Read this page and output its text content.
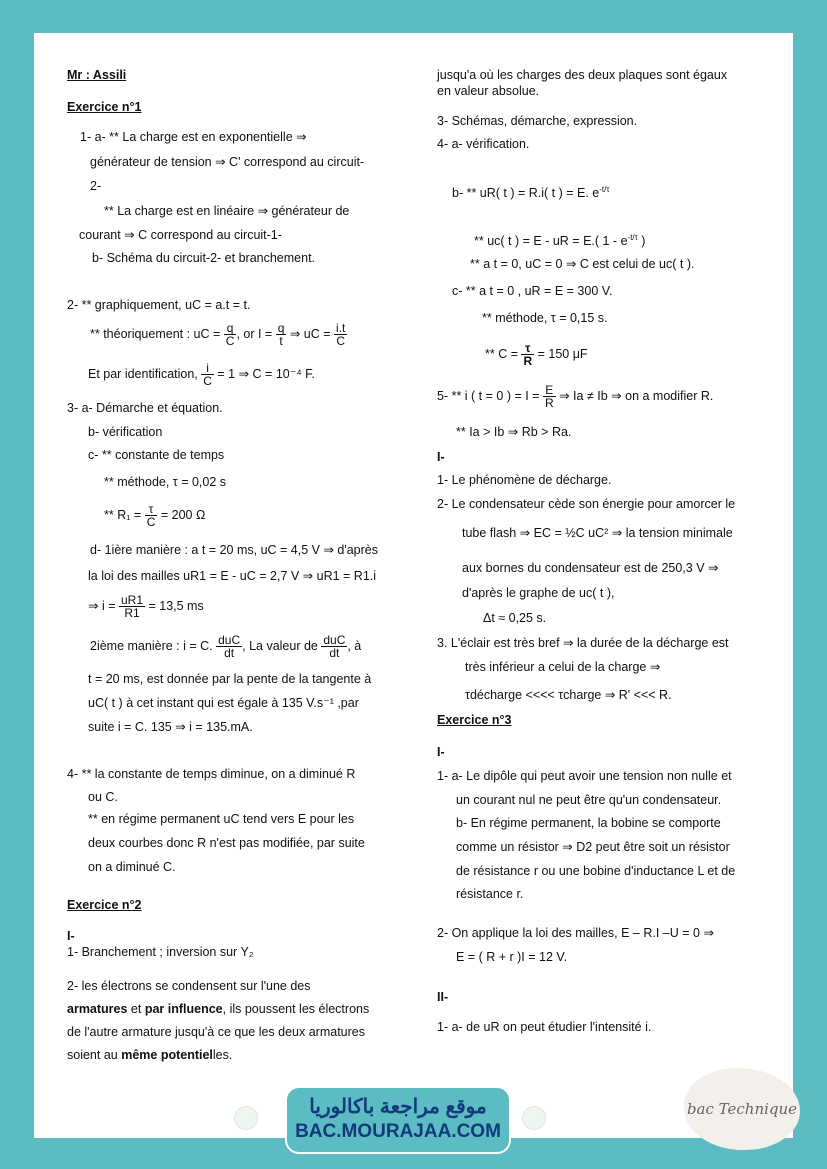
Mr : Assili
Exercice n°1
1- a- ** La charge est en exponentielle ⇒
générateur de tension ⇒ C' correspond au circuit-
2-
** La charge est en linéaire ⇒ générateur de
courant ⇒ C correspond au circuit-1-
b- Schéma du circuit-2- et branchement.
2- ** graphiquement, uC = a.t = t.
** théoriquement : uC = $\frac{q}{C}$ , or $I = \frac{q}{t}$ ⇒ uC = $\frac{i.t}{C}$
Et par identification, $\frac{i}{C} = 1$ ⇒ C = 10⁻⁴ F.
3- a- Démarche et équation.
b- vérification
c- ** constante de temps
** méthode, τ = 0,02 s
** $R_1 = \frac{\tau}{C} = 200$ Ω
d- 1ière manière : a t = 20 ms, uC = 4,5 V ⇒ d'après
la loi des mailles uR1 = E - uC = 2,7 V ⇒ uR1 = R1.i
⇒ $i = \frac{uR1}{R1} = 13,5$ ms
2ième manière : i = C. $\frac{\text{duC}}{dt}$ , La valeur de $\frac{\text{duC}}{dt}$ , à
t = 20 ms, est donnée par la pente de la tangente à
uC( t ) à cet instant qui est égale à 135 V.s⁻¹ ,par
suite i = C. 135 ⇒ i = 135.mA.
4- ** la constante de temps diminue, on a diminué R
ou C.
** en régime permanent uC tend vers E pour les
deux courbes donc R n'est pas modifiée, par suite
on a diminué C.
Exercice n°2
I-
1- Branchement ; inversion sur Y₂
2- les électrons se condensent sur l'une des
armatures et par influence, ils poussent les électrons
de l'autre armature jusqu'à ce que les deux armatures
soient au même potentielles.
jusqu'a où les charges des deux plaques sont égaux
en valeur absolue.
3- Schémas, démarche, expression.
4- a- vérification.
b- ** uR( t ) = R.i( t ) = E. $e^{-t/\tau}$
** uc( t ) = E - uR = E.( $1 - e^{-t/\tau}$ )
** a t = 0, uC = 0 ⇒ C est celui de uc( t ).
c- ** a t = 0 , uR = E = 300 V.
** méthode, τ = 0,15 s.
** $C = \frac{\tau}{R} = 150$ μF
5- ** i ( t = 0 ) = $I = \frac{E}{R}$ ⇒ Ia ≠ Ib ⇒ on a modifier R.
** Ia > Ib ⇒ Rb > Ra.
I-
1- Le phénomène de décharge.
2- Le condensateur cède son énergie pour amorcer le
tube flash ⇒ EC = ½C uC² ⇒ la tension minimale
aux bornes du condensateur est de 250,3 V ⇒
d'après le graphe de uc( t ),
Δt ≈ 0,25 s.
3. L'éclair est très bref ⇒ la durée de la décharge est
très inférieur a celui de la charge ⇒
τdécharge <<<< τcharge ⇒ R' <<< R.
Exercice n°3
I-
1- a- Le dipôle qui peut avoir une tension non nulle et
un courant nul ne peut être qu'un condensateur.
b- En régime permanent, la bobine se comporte
comme un résistor ⇒ D2 peut être soit un résistor
de résistance r ou une bobine d'inductance L et de
résistance r.
2- On applique la loi des mailles, E – R.I –U = 0 ⇒
E = ( R + r )I = 12 V.
II-
1- a- de uR on peut étudier l'intensité i.
موقع مراجعة باكالوريا
BAC.MOURAJAA.COM
bac Technique
